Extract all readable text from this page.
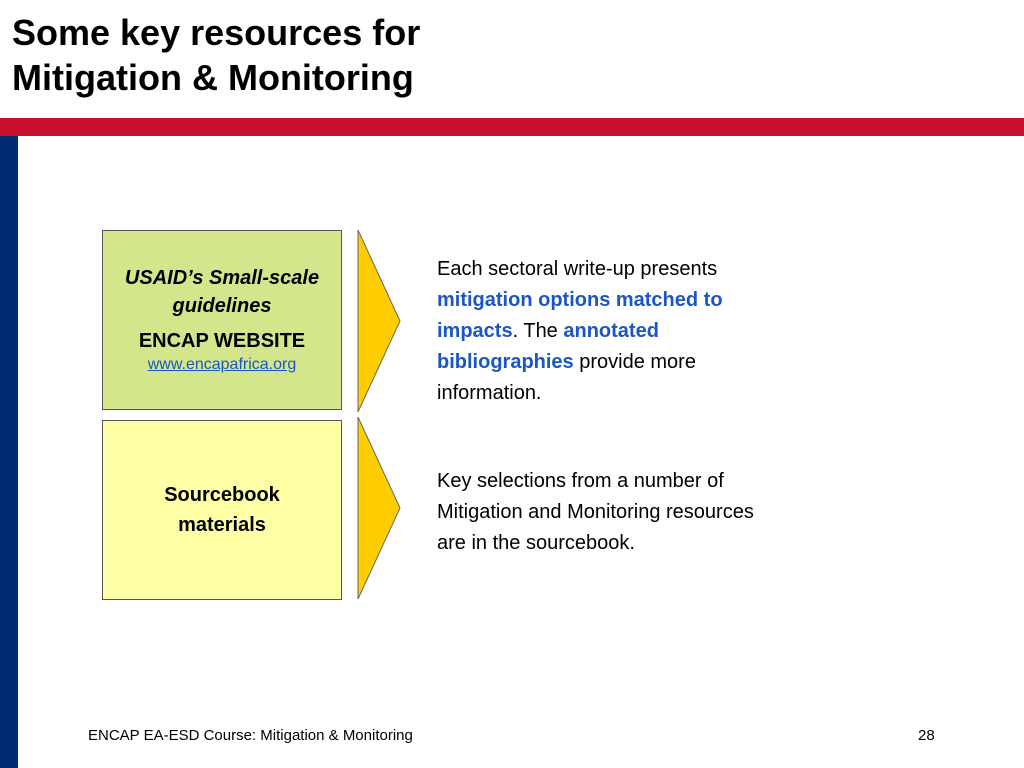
Some key resources for
Mitigation & Monitoring

USAID’s Small-scale guidelines

ENCAP WEBSITE

www.encapafrica.org

Sourcebook materials

Each sectoral write-up presents mitigation options matched to impacts. The annotated bibliographies provide more information.

Key selections from a number of Mitigation and Monitoring resources are in the sourcebook.

ENCAP EA-ESD Course: Mitigation & Monitoring	28
